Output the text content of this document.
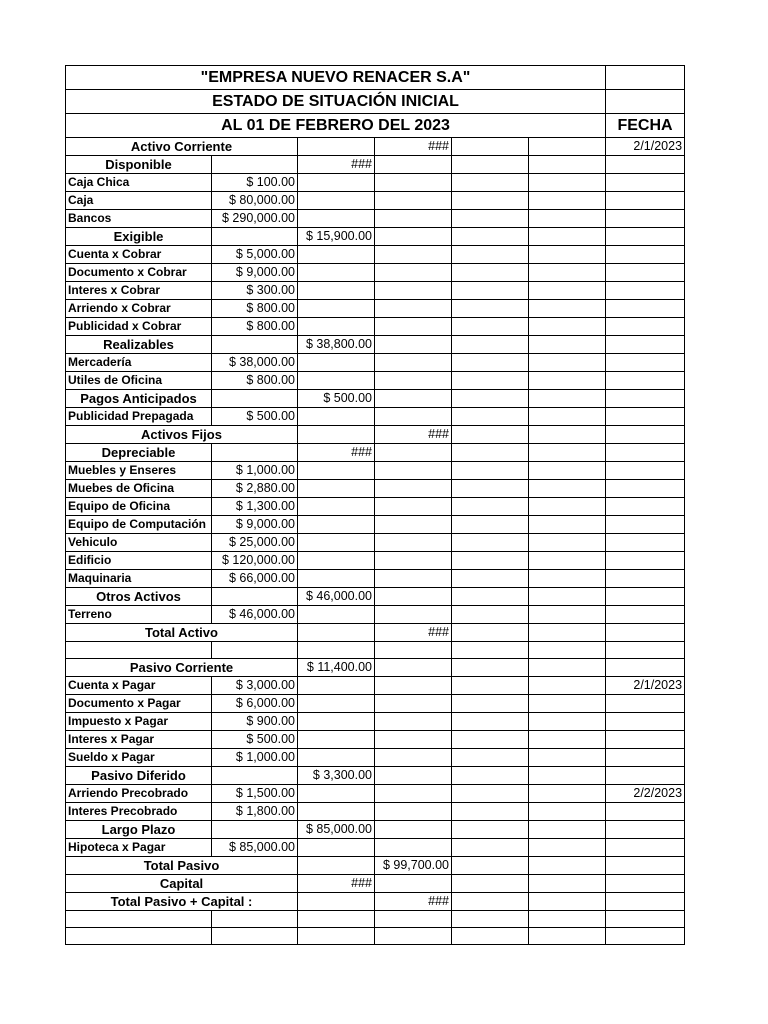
"EMPRESA NUEVO RENACER S.A"						
ESTADO DE SITUACIÓN INICIAL						
AL 01 DE FEBRERO DEL 2023						FECHA
Activo Corriente			###			2/1/2023
Disponible		###				
Caja Chica	$ 100.00					
Caja	$ 80,000.00					
Bancos	$ 290,000.00					
Exigible		$ 15,900.00				
Cuenta x Cobrar	$ 5,000.00					
Documento x Cobrar	$ 9,000.00					
Interes x Cobrar	$ 300.00					
Arriendo x Cobrar	$ 800.00					
Publicidad x Cobrar	$ 800.00					
Realizables		$ 38,800.00				
Mercadería	$ 38,000.00					
Utiles de Oficina	$ 800.00					
Pagos Anticipados		$ 500.00				
Publicidad Prepagada	$ 500.00					
Activos Fijos			###			
Depreciable		###				
Muebles y Enseres	$ 1,000.00					
Muebes de Oficina	$ 2,880.00					
Equipo de Oficina	$ 1,300.00					
Equipo de Computación	$ 9,000.00					
Vehiculo	$ 25,000.00					
Edificio	$ 120,000.00					
Maquinaria	$ 66,000.00					
Otros Activos		$ 46,000.00				
Terreno	$ 46,000.00					
Total Activo			###			

Pasivo Corriente		$ 11,400.00				
Cuenta x Pagar	$ 3,000.00					2/1/2023
Documento x Pagar	$ 6,000.00					
Impuesto x Pagar	$ 900.00					
Interes x Pagar	$ 500.00					
Sueldo x Pagar	$ 1,000.00					
Pasivo Diferido		$ 3,300.00				
Arriendo Precobrado	$ 1,500.00					2/2/2023
Interes Precobrado	$ 1,800.00					
Largo Plazo		$ 85,000.00				
Hipoteca x Pagar	$ 85,000.00					
Total Pasivo			$ 99,700.00			
Capital		###				
Total Pasivo + Capital :			###			
